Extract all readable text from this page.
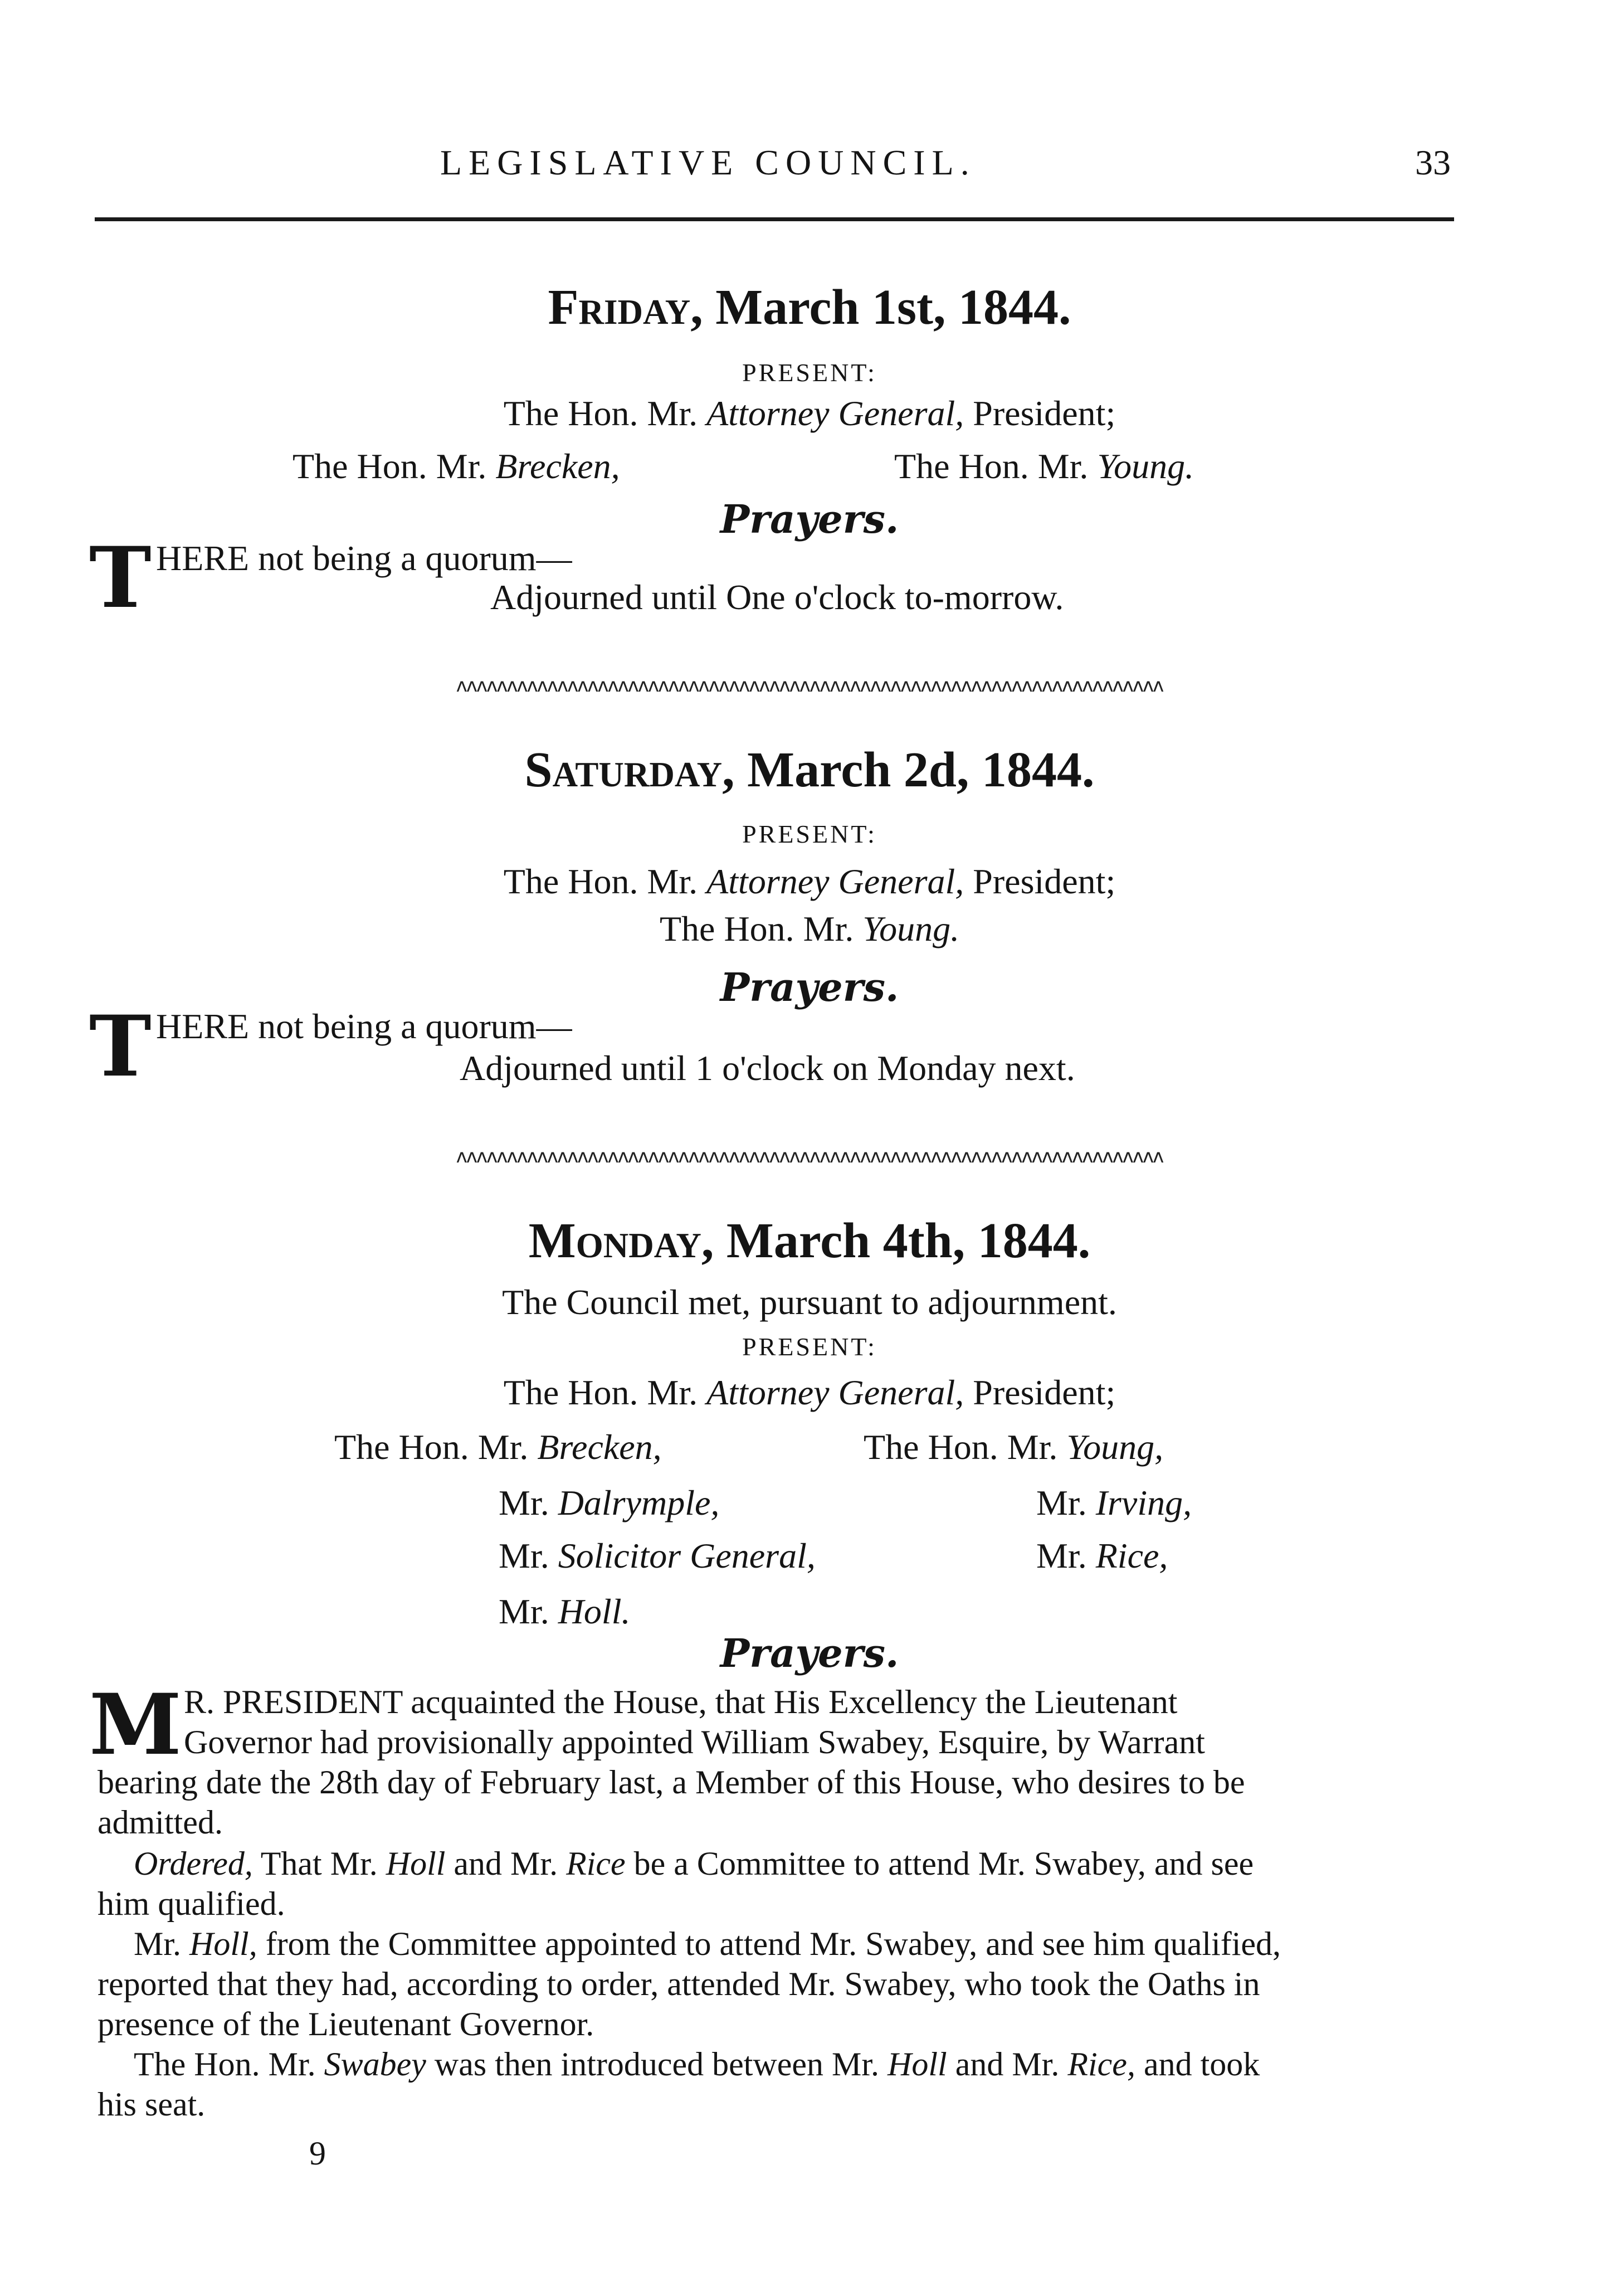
LEGISLATIVE COUNCIL.	33
Friday, March 1st, 1844.
PRESENT:
The Hon. Mr. Attorney General, President;
The Hon. Mr. Brecken,	The Hon. Mr. Young.
Prayers.
T HERE not being a quorum—
Adjourned until One o'clock to-morrow.
ʌʌʌʌʌʌʌʌʌʌʌʌʌʌʌʌʌʌʌʌʌʌʌʌʌʌʌʌʌʌʌʌʌʌʌʌʌʌʌʌʌʌʌʌʌʌʌʌʌʌʌʌʌʌʌʌʌʌʌʌʌʌʌʌʌʌʌʌʌʌ
Saturday, March 2d, 1844.
PRESENT:
The Hon. Mr. Attorney General, President;
The Hon. Mr. Young.
Prayers.
T HERE not being a quorum—
Adjourned until 1 o'clock on Monday next.
ʌʌʌʌʌʌʌʌʌʌʌʌʌʌʌʌʌʌʌʌʌʌʌʌʌʌʌʌʌʌʌʌʌʌʌʌʌʌʌʌʌʌʌʌʌʌʌʌʌʌʌʌʌʌʌʌʌʌʌʌʌʌʌʌʌʌʌʌʌʌ
Monday, March 4th, 1844.
The Council met, pursuant to adjournment.
PRESENT:
The Hon. Mr. Attorney General, President;
The Hon. Mr. Brecken,	The Hon. Mr. Young,
Mr. Dalrymple,	Mr. Irving,
Mr. Solicitor General,	Mr. Rice,
Mr. Holl.
Prayers.
M R. PRESIDENT acquainted the House, that His Excellency the Lieutenant
Governor had provisionally appointed William Swabey, Esquire, by Warrant
bearing date the 28th day of February last, a Member of this House, who desires to be
admitted.
Ordered, That Mr. Holl and Mr. Rice be a Committee to attend Mr. Swabey, and see
him qualified.
Mr. Holl, from the Committee appointed to attend Mr. Swabey, and see him qualified,
reported that they had, according to order, attended Mr. Swabey, who took the Oaths in
presence of the Lieutenant Governor.
The Hon. Mr. Swabey was then introduced between Mr. Holl and Mr. Rice, and took
his seat.
9
